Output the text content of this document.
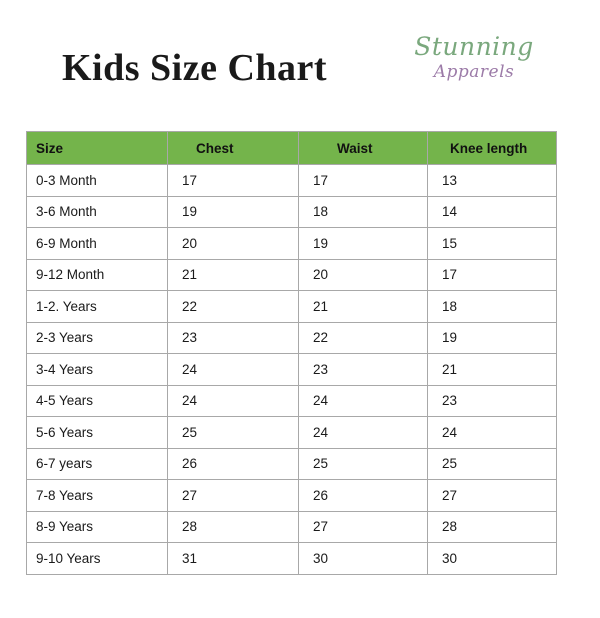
Kids Size Chart
Stunning
Apparels
Size	Chest	Waist	Knee length
0-3 Month	17	17	13
3-6 Month	19	18	14
6-9 Month	20	19	15
9-12 Month	21	20	17
1-2. Years	22	21	18
2-3 Years	23	22	19
3-4 Years	24	23	21
4-5 Years	24	24	23
5-6 Years	25	24	24
6-7 years	26	25	25
7-8 Years	27	26	27
8-9 Years	28	27	28
9-10 Years	31	30	30
